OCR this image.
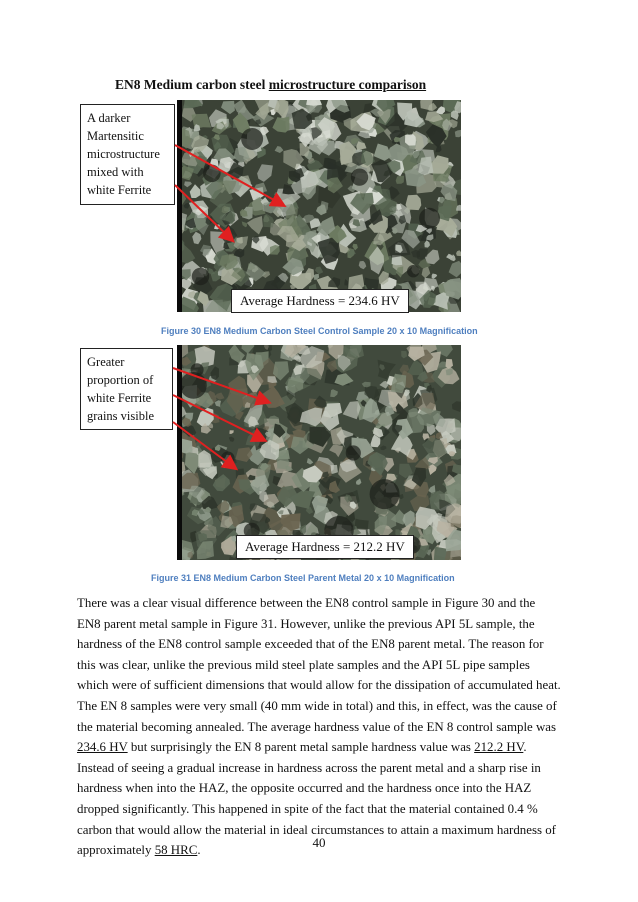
EN8 Medium carbon steel microstructure comparison
A darker
Martensitic
microstructure
mixed with
white Ferrite
Average Hardness = 234.6 HV
Figure 30 EN8 Medium Carbon Steel Control Sample 20 x 10 Magnification
Greater
proportion of
white Ferrite
grains visible
Average Hardness = 212.2 HV
Figure 31 EN8 Medium Carbon Steel Parent Metal 20 x 10 Magnification
There was a clear visual difference between the EN8 control sample in Figure 30 and the
EN8 parent metal sample in Figure 31. However, unlike the previous API 5L sample, the
hardness of the EN8 control sample exceeded that of the EN8 parent metal. The reason for
this was clear, unlike the previous mild steel plate samples and the API 5L pipe samples
which were of sufficient dimensions that would allow for the dissipation of accumulated heat.
The EN 8 samples were very small (40 mm wide in total) and this, in effect, was the cause of
the material becoming annealed. The average hardness value of the EN 8 control sample was
234.6 HV but surprisingly the EN 8 parent metal sample hardness value was 212.2 HV.
Instead of seeing a gradual increase in hardness across the parent metal and a sharp rise in
hardness when into the HAZ, the opposite occurred and the hardness once into the HAZ
dropped significantly. This happened in spite of the fact that the material contained 0.4 %
carbon that would allow the material in ideal circumstances to attain a maximum hardness of
approximately 58 HRC.
40
